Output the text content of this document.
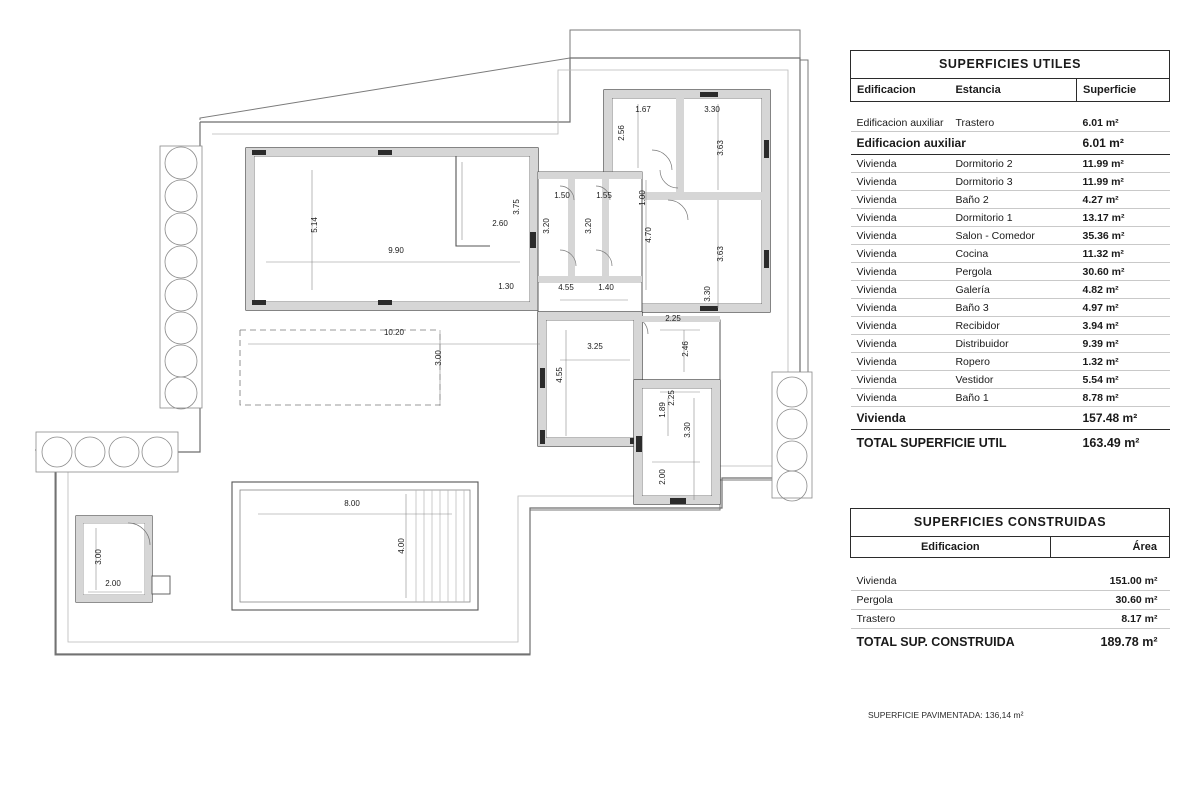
1.67	3.30
2.56
3.63
3.75
1.50	1.55	1.00
2.60	3.20	3.20
4.70
5.14
9.90	3.63
1.30	4.55	1.40	3.30
2.25
10.20
3.25	2.46
3.00
4.55
2.25
1.89
3.30
2.00
8.00
4.00
3.00
2.00
SUPERFICIES UTILES		
Edificacion	Estancia	Superficie

Edificacion auxiliar	Trastero	6.01 m²
Edificacion auxiliar		6.01 m²
Vivienda	Dormitorio 2	11.99 m²
Vivienda	Dormitorio 3	11.99 m²
Vivienda	Baño 2	4.27 m²
Vivienda	Dormitorio 1	13.17 m²
Vivienda	Salon - Comedor	35.36 m²
Vivienda	Cocina	11.32 m²
Vivienda	Pergola	30.60 m²
Vivienda	Galería	4.82 m²
Vivienda	Baño 3	4.97 m²
Vivienda	Recibidor	3.94 m²
Vivienda	Distribuidor	9.39 m²
Vivienda	Ropero	1.32 m²
Vivienda	Vestidor	5.54 m²
Vivienda	Baño 1	8.78 m²
Vivienda		157.48 m²
TOTAL SUPERFICIE UTIL		163.49 m²
SUPERFICIES CONSTRUIDAS	
Edificacion	Área

Vivienda	151.00 m²
Pergola	30.60 m²
Trastero	8.17 m²
TOTAL SUP. CONSTRUIDA	189.78 m²
SUPERFICIE PAVIMENTADA: 136,14 m²
